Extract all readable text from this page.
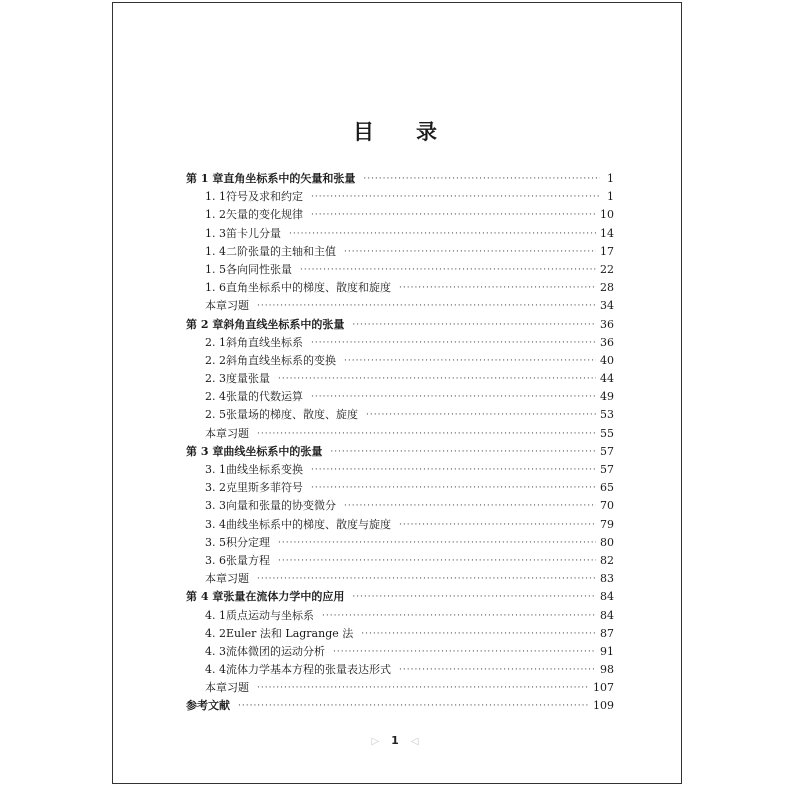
目 录
第 1 章 直角坐标系中的矢量和张量 ·····	1
1. 1 符号及求和约定 ·····	1
1. 2 矢量的变化规律 ·····	10
1. 3 笛卡儿分量 ·····	14
1. 4 二阶张量的主轴和主值 ·····	17
1. 5 各向同性张量 ·····	22
1. 6 直角坐标系中的梯度、散度和旋度 ·····	28
本章习题 ·····	34
第 2 章 斜角直线坐标系中的张量 ·····	36
2. 1 斜角直线坐标系 ·····	36
2. 2 斜角直线坐标系的变换 ·····	40
2. 3 度量张量 ·····	44
2. 4 张量的代数运算 ·····	49
2. 5 张量场的梯度、散度、旋度 ·····	53
本章习题 ·····	55
第 3 章 曲线坐标系中的张量 ·····	57
3. 1 曲线坐标系变换 ·····	57
3. 2 克里斯多菲符号 ·····	65
3. 3 向量和张量的协变微分 ·····	70
3. 4 曲线坐标系中的梯度、散度与旋度 ·····	79
3. 5 积分定理 ·····	80
3. 6 张量方程 ·····	82
本章习题 ·····	83
第 4 章 张量在流体力学中的应用 ·····	84
4. 1 质点运动与坐标系 ·····	84
4. 2 Euler 法和 Lagrange 法 ·····	87
4. 3 流体微团的运动分析 ·····	91
4. 4 流体力学基本方程的张量表达形式 ·····	98
本章习题 ·····	107
参考文献 ·····	109
▷ 1 ◁
